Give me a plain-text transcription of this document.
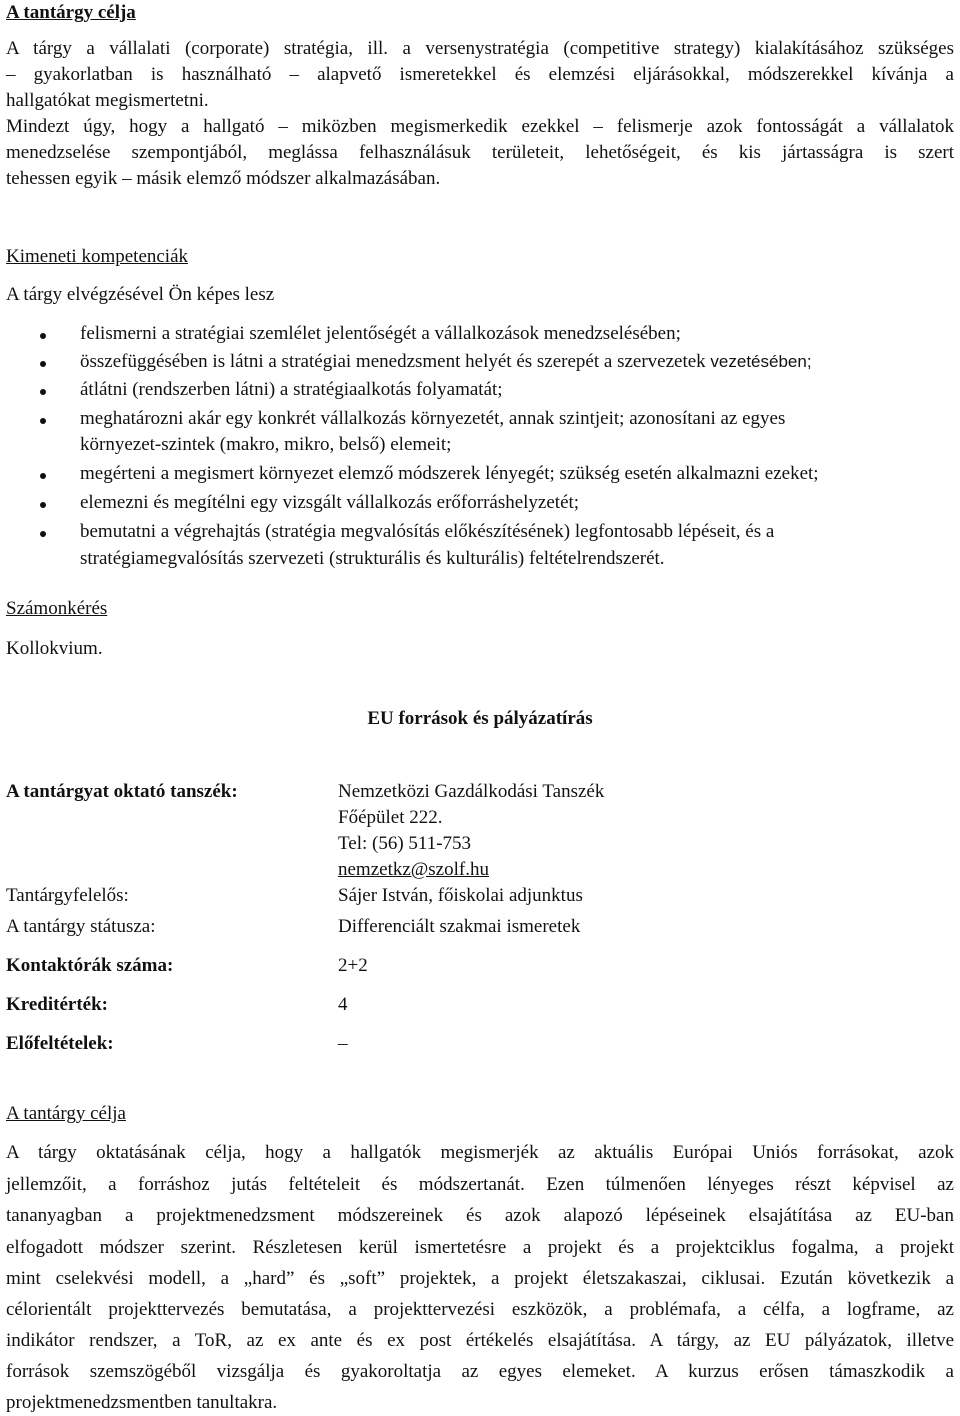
A tantárgy célja
A tárgy a vállalati (corporate) stratégia, ill. a versenystratégia (competitive strategy) kialakításához szükséges
– gyakorlatban is használható – alapvető ismeretekkel és elemzési eljárásokkal, módszerekkel kívánja a
hallgatókat megismertetni.
Mindezt úgy, hogy a hallgató – miközben megismerkedik ezekkel – felismerje azok fontosságát a vállalatok
menedzselése szempontjából, meglássa felhasználásuk területeit, lehetőségeit, és kis jártasságra is szert
tehessen egyik – másik elemző módszer alkalmazásában.
Kimeneti kompetenciák
A tárgy elvégzésével Ön képes lesz
felismerni a stratégiai szemlélet jelentőségét a vállalkozások menedzselésében;
összefüggésében is látni a stratégiai menedzsment helyét és szerepét a szervezetek vezetésében;
átlátni (rendszerben látni) a stratégiaalkotás folyamatát;
meghatározni akár egy konkrét vállalkozás környezetét, annak szintjeit; azonosítani az egyes
környezet-szintek (makro, mikro, belső) elemeit;
megérteni a megismert környezet elemző módszerek lényegét; szükség esetén alkalmazni ezeket;
elemezni és megítélni egy vizsgált vállalkozás erőforráshelyzetét;
bemutatni a végrehajtás (stratégia megvalósítás előkészítésének) legfontosabb lépéseit, és a
stratégiamegvalósítás szervezeti (strukturális és kulturális) feltételrendszerét.
Számonkérés
Kollokvium.
EU források és pályázatírás
A tantárgyat oktató tanszék:	Nemzetközi Gazdálkodási Tanszék
Főépület 222.
Tel: (56) 511-753
nemzetkz@szolf.hu
Tantárgyfelelős:	Sájer István, főiskolai adjunktus
A tantárgy státusza:	Differenciált szakmai ismeretek
Kontaktórák száma:	2+2
Kreditérték:	4
Előfeltételek:	–
A tantárgy célja
A tárgy oktatásának célja, hogy a hallgatók megismerjék az aktuális Európai Uniós forrásokat, azok
jellemzőit, a forráshoz jutás feltételeit és módszertanát. Ezen túlmenően lényeges részt képvisel az
tananyagban a projektmenedzsment módszereinek és azok alapozó lépéseinek elsajátítása az EU-ban
elfogadott módszer szerint. Részletesen kerül ismertetésre a projekt és a projektciklus fogalma, a projekt
mint cselekvési modell, a „hard” és „soft” projektek, a projekt életszakaszai, ciklusai. Ezután következik a
célorientált projekttervezés bemutatása, a projekttervezési eszközök, a problémafa, a célfa, a logframe, az
indikátor rendszer, a ToR, az ex ante és ex post értékelés elsajátítása. A tárgy, az EU pályázatok, illetve
források szemszögéből vizsgálja és gyakoroltatja az egyes elemeket. A kurzus erősen támaszkodik a
projektmenedzsmentben tanultakra.
